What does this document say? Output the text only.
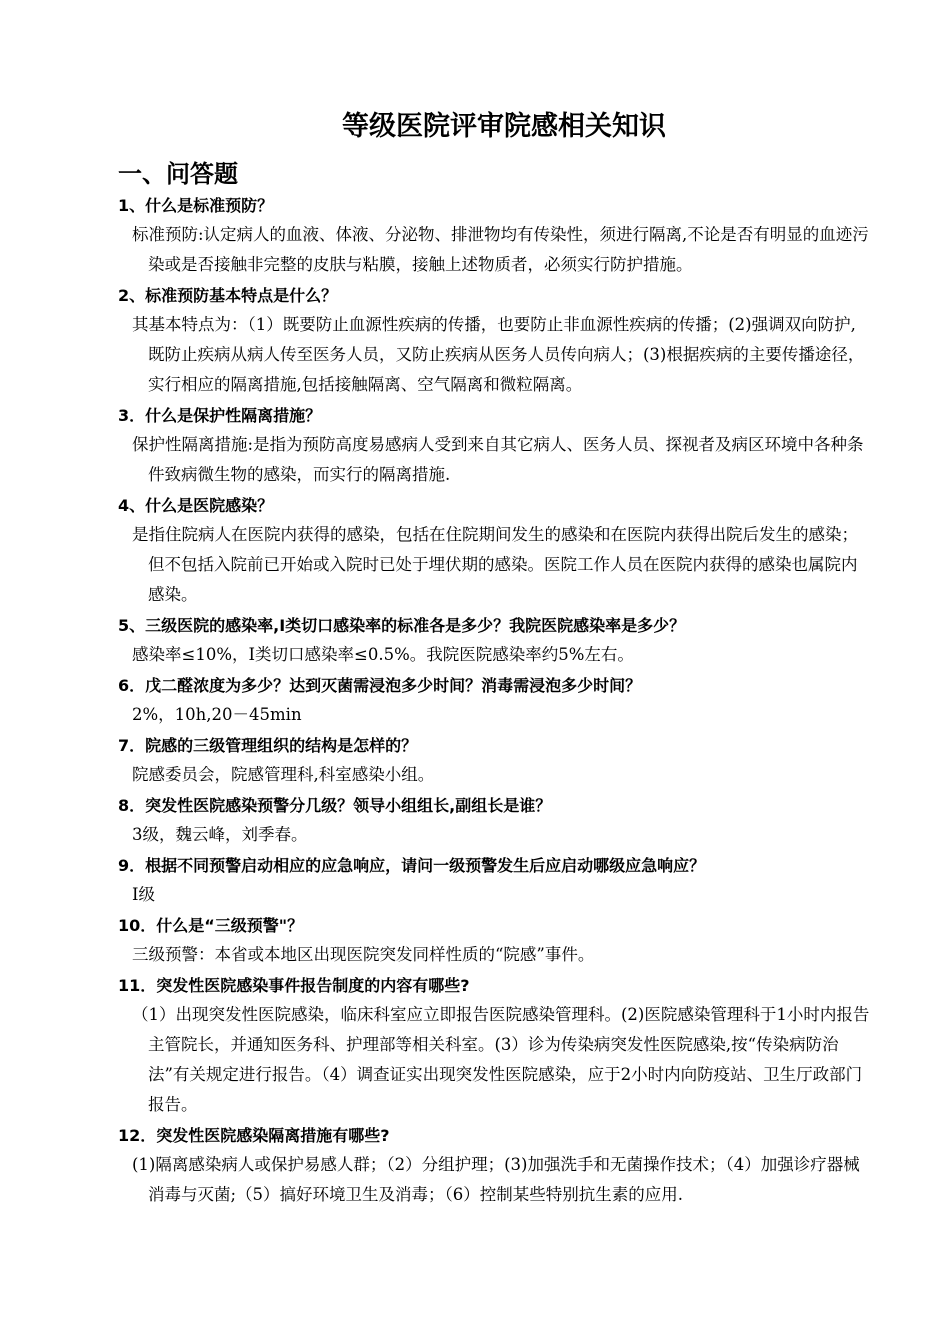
等级医院评审院感相关知识
一、问答题
1、什么是标准预防？

标准预防:认定病人的血液、体液、分泌物、排泄物均有传染性，须进行隔离,不论是否有明显的血迹污染或是否接触非完整的皮肤与粘膜，接触上述物质者，必须实行防护措施。

2、标准预防基本特点是什么？

其基本特点为：（1）既要防止血源性疾病的传播，也要防止非血源性疾病的传播；(2)强调双向防护,既防止疾病从病人传至医务人员，又防止疾病从医务人员传向病人；(3)根据疾病的主要传播途径，实行相应的隔离措施,包括接触隔离、空气隔离和微粒隔离。

3．什么是保护性隔离措施？

保护性隔离措施:是指为预防高度易感病人受到来自其它病人、医务人员、探视者及病区环境中各种条件致病微生物的感染，而实行的隔离措施.

4、什么是医院感染？

是指住院病人在医院内获得的感染，包括在住院期间发生的感染和在医院内获得出院后发生的感染；但不包括入院前已开始或入院时已处于埋伏期的感染。医院工作人员在医院内获得的感染也属院内感染。

5、三级医院的感染率,Ⅰ类切口感染率的标准各是多少？我院医院感染率是多少？

感染率≤10%，Ⅰ类切口感染率≤0.5%。我院医院感染率约5%左右。

6．戊二醛浓度为多少？达到灭菌需浸泡多少时间？消毒需浸泡多少时间？

2%，10h,20－45min

7．院感的三级管理组织的结构是怎样的？

院感委员会，院感管理科,科室感染小组。

8．突发性医院感染预警分几级？领导小组组长,副组长是谁？

3级，魏云峰，刘季春。

9．根据不同预警启动相应的应急响应，请问一级预警发生后应启动哪级应急响应？

Ⅰ级

10．什么是“三级预警"？

三级预警：本省或本地区出现医院突发同样性质的“院感”事件。

11．突发性医院感染事件报告制度的内容有哪些?

（1）出现突发性医院感染，临床科室应立即报告医院感染管理科。(2)医院感染管理科于1小时内报告主管院长，并通知医务科、护理部等相关科室。(3）诊为传染病突发性医院感染,按“传染病防治法”有关规定进行报告。（4）调查证实出现突发性医院感染，应于2小时内向防疫站、卫生厅政部门报告。

12．突发性医院感染隔离措施有哪些?

(1)隔离感染病人或保护易感人群；（2）分组护理；(3)加强洗手和无菌操作技术；（4）加强诊疗器械消毒与灭菌;（5）搞好环境卫生及消毒；（6）控制某些特别抗生素的应用.
